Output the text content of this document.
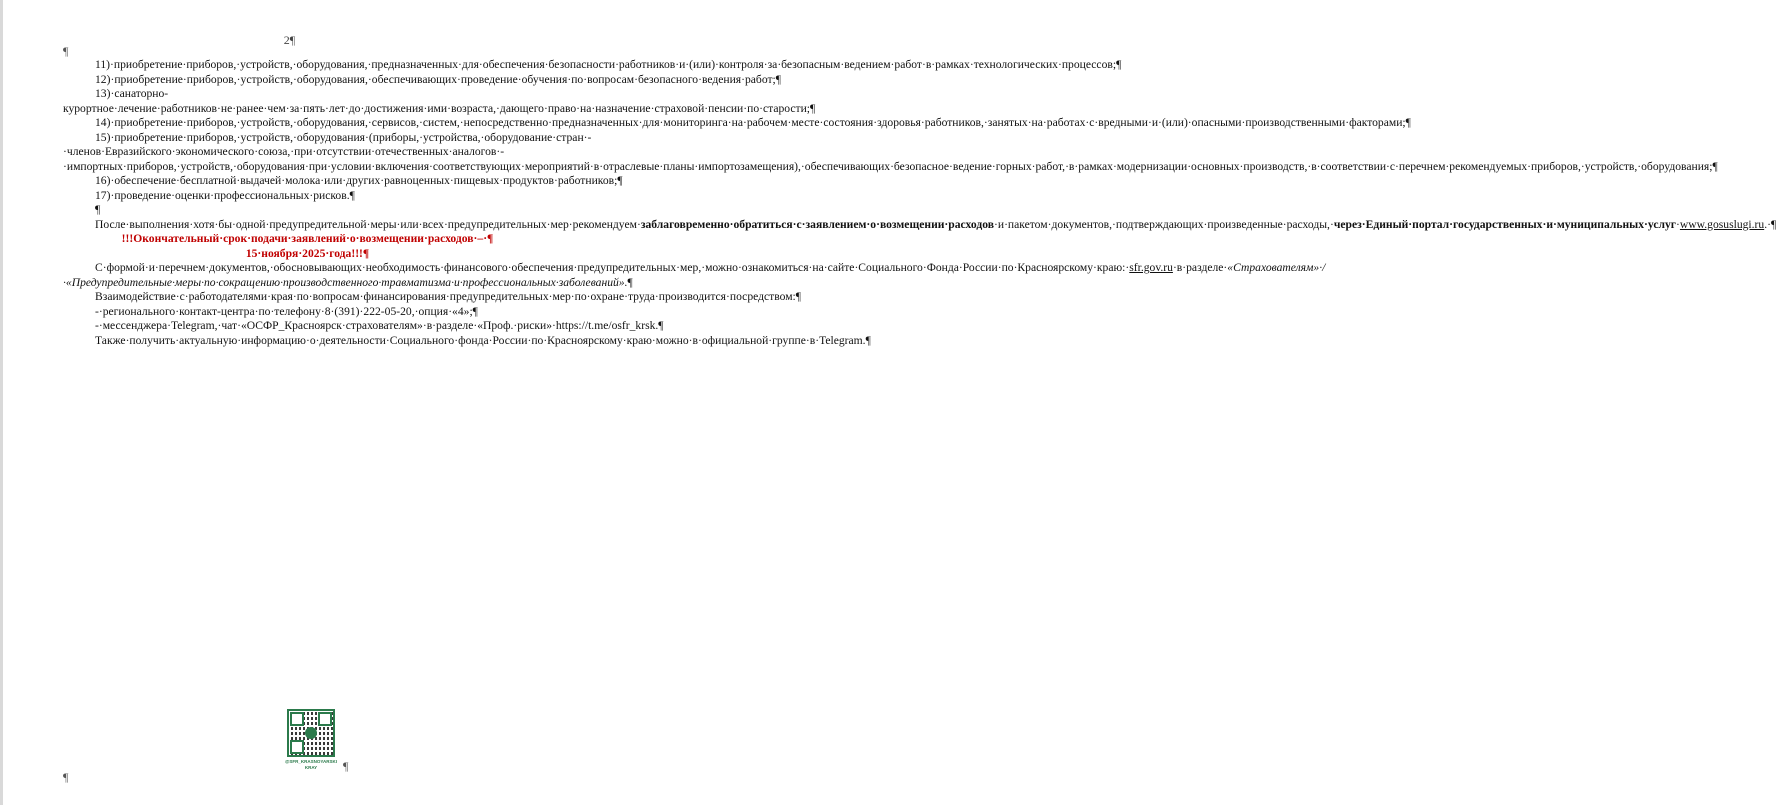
2¶
¶

11)·приобретение·приборов,·устройств,·оборудования,·предназначенных·для·обеспечения·безопасности·работников·и·(или)·контроля·за·безопасным·ведением·работ·в·рамках·технологических·процессов;¶

12)·приобретение·приборов,·устройств,·оборудования,·обеспечивающих·проведение·обучения·по·вопросам·безопасного·ведения·работ;¶

13)·санаторно-курортное·лечение·работников·не·ранее·чем·за·пять·лет·до·достижения·ими·возраста,·дающего·право·на·назначение·страховой·пенсии·по·старости;¶

14)·приобретение·приборов,·устройств,·оборудования,·сервисов,·систем,·непосредственно·предназначенных·для·мониторинга·на·рабочем·месте·состояния·здоровья·работников,·занятых·на·работах·с·вредными·и·(или)·опасными·производственными·факторами;¶

15)·приобретение·приборов,·устройств,·оборудования·(приборы,·устройства,·оборудование·стран·-·членов·Евразийского·экономического·союза,·при·отсутствии·отечественных·аналогов·-·импортных·приборов,·устройств,·оборудования·при·условии·включения·соответствующих·мероприятий·в·отраслевые·планы·импортозамещения),·обеспечивающих·безопасное·ведение·горных·работ,·в·рамках·модернизации·основных·производств,·в·соответствии·с·перечнем·рекомендуемых·приборов,·устройств,·оборудования;¶

16)·обеспечение·бесплатной·выдачей·молока·или·других·равноценных·пищевых·продуктов·работников;¶

17)·проведение·оценки·профессиональных·рисков.¶

¶

После·выполнения·хотя·бы·одной·предупредительной·меры·или·всех·предупредительных·мер·рекомендуем·заблаговременно·обратиться·с·заявлением·о·возмещении·расходов·и·пакетом·документов,·подтверждающих·произведенные·расходы,·через·Единый·портал·государственных·и·муниципальных·услуг·www.gosuslugi.ru.·¶

!!!Окончательный·срок·подачи·заявлений·о·возмещении·расходов·–·¶

15·ноября·2025·года!!!¶

С·формой·и·перечнем·документов,·обосновывающих·необходимость·финансового·обеспечения·предупредительных·мер,·можно·ознакомиться·на·сайте·Социального·Фонда·России·по·Красноярскому·краю:·sfr.gov.ru·в·разделе·«Страхователям»·/·«Предупредительные·меры·по·сокращению·производственного·травматизма·и·профессиональных·заболеваний».¶

Взаимодействие·с·работодателями·края·по·вопросам·финансирования·предупредительных·мер·по·охране·труда·производится·посредством:¶

-·регионального·контакт-центра·по·телефону·8·(391)·222-05-20,·опция·«4»;¶

-·мессенджера·Telegram,·чат·«ОСФР_Красноярск·страхователям»·в·разделе·«Проф.·риски»·https://t.me/osfr_krsk.¶

Также·получить·актуальную·информацию·о·деятельности·Социального·фонда·России·по·Красноярскому·краю·можно·в·официальной·группе·в·Telegram.¶

@SFR_KRASNOYARSKI KRAY
¶
¶
